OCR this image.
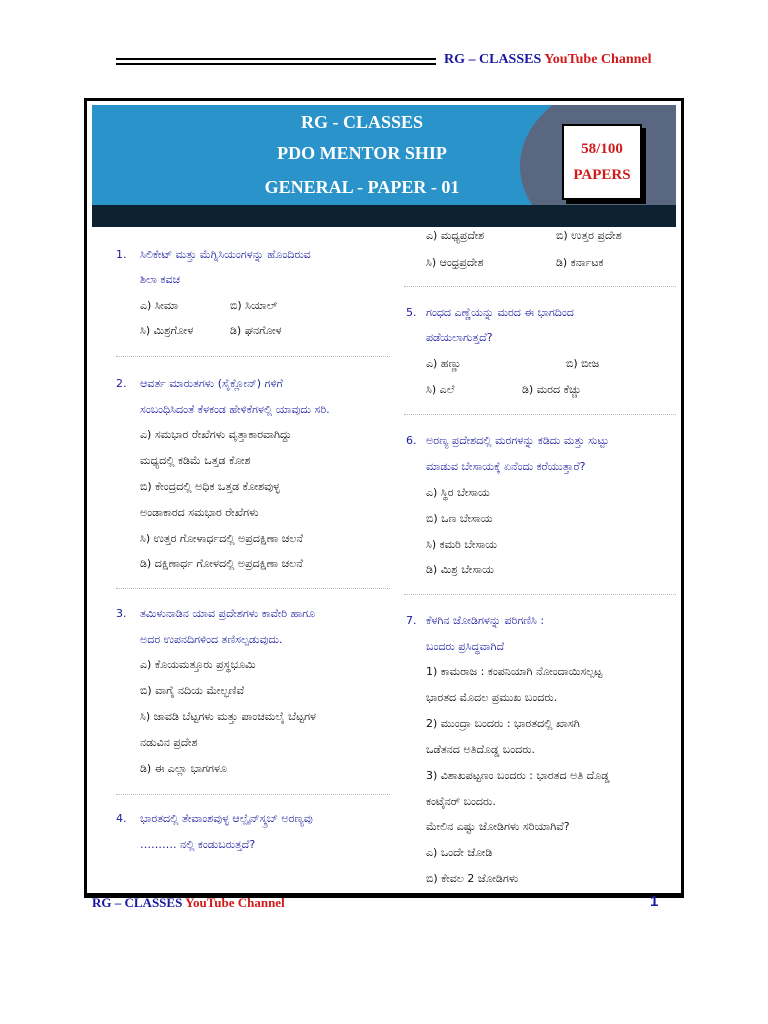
RG – CLASSES YouTube Channel
RG - CLASSES
PDO MENTOR SHIP
GENERAL - PAPER - 01
58/100
PAPERS
1. ಸಿಲಿಕೇಟ್ ಮತ್ತು ಮೆಗ್ನಿಸಿಯಂಗಳನ್ನು ಹೊಂದಿರುವ
ಶಿಲಾ ಕವಚ
ಎ) ಸೀಮಾ	ಬಿ) ಸಿಯಾಲ್
ಸಿ) ಮಿಶ್ರಗೋಳ	ಡಿ) ಘನಗೋಳ
2. ಆವರ್ತ ಮಾರುತಗಳು (ಸೈಕ್ಲೋನ್) ಗಳಿಗೆ
ಸಂಬಂಧಿಸಿದಂತೆ ಕೆಳಕಂಡ ಹೇಳಿಕೆಗಳಲ್ಲಿ ಯಾವುದು ಸರಿ.
ಎ) ಸಮಭಾರ ರೇಖೆಗಳು ವೃತ್ತಾಕಾರವಾಗಿದ್ದು
ಮಧ್ಯದಲ್ಲಿ ಕಡಿಮೆ ಒತ್ತಡ ಕೋಶ
ಬಿ) ಕೇಂದ್ರದಲ್ಲಿ ಅಧಿಕ ಒತ್ತಡ ಕೋಶವುಳ್ಳ
ಅಂಡಾಕಾರದ ಸಮಭಾರ ರೇಖೆಗಳು
ಸಿ) ಉತ್ತರ ಗೋಳಾರ್ಧದಲ್ಲಿ ಅಪ್ರದಕ್ಷಿಣಾ ಚಲನೆ
ಡಿ) ದಕ್ಷಿಣಾರ್ಧ ಗೋಳದಲ್ಲಿ ಅಪ್ರದಕ್ಷಿಣಾ ಚಲನೆ
3. ತಮಿಳುನಾಡಿನ ಯಾವ ಪ್ರದೇಶಗಳು ಕಾವೇರಿ ಹಾಗೂ
ಅದರ ಉಪನದಿಗಳಿಂದ ತಣಿಸಲ್ಪಡುವುದು.
ಎ) ಕೊಯಮತ್ತೂರು ಪ್ರಸ್ಥಭೂಮಿ
ಬಿ) ವಾಗೈ ನದಿಯ ಮೇಲ್ಭಣಿವೆ
ಸಿ) ಜಾವಡಿ ಬೆಟ್ಟಗಳು ಮತ್ತು ಪಾಂಚಮಲೈ ಬೆಟ್ಟಗಳ
ನಡುವಿನ ಪ್ರದೇಶ
ಡಿ) ಈ ಎಲ್ಲಾ ಭಾಗಗಳೂ
4. ಭಾರತದಲ್ಲಿ ತೇವಾಂಶವುಳ್ಳ ಆಲ್ಪೈನ್‌ಸ್ಕ್ರಬ್ ಅರಣ್ಯವು
………. ನಲ್ಲಿ ಕಂಡುಬರುತ್ತದೆ?
ಎ) ಮಧ್ಯಪ್ರದೇಶ	ಬಿ) ಉತ್ತರ ಪ್ರದೇಶ
ಸಿ) ಆಂಧ್ರಪ್ರದೇಶ	ಡಿ) ಕರ್ನಾಟಕ
5. ಗಂಧದ ಎಣ್ಣೆಯನ್ನು ಮರದ ಈ ಭಾಗದಿಂದ
ಪಡೆಯಲಾಗುತ್ತದೆ?
ಎ) ಹಣ್ಣು	ಬಿ) ಬೀಜ
ಸಿ) ಎಲೆ	ಡಿ) ಮರದ ಕೆಚ್ಚು
6. ಅರಣ್ಯ ಪ್ರದೇಶದಲ್ಲಿ ಮರಗಳನ್ನು ಕಡಿದು ಮತ್ತು ಸುಟ್ಟು
ಮಾಡುವ ಬೇಸಾಯಕ್ಕೆ ಏನೆಂದು ಕರೆಯುತ್ತಾರೆ?
ಎ) ಸ್ಥಿರ ಬೇಸಾಯ
ಬಿ) ಒಣ ಬೇಸಾಯ
ಸಿ) ಕಮರಿ ಬೇಸಾಯ
ಡಿ) ಮಿಶ್ರ ಬೇಸಾಯ
7. ಕೆಳಗಿನ ಜೋಡಿಗಳನ್ನು ಪರಿಗಣಿಸಿ :
ಬಂದರು ಪ್ರಸಿದ್ಧವಾಗಿದೆ
1) ಕಾಮರಾಜ : ಕಂಪನಿಯಾಗಿ ನೋಂದಾಯಿಸಲ್ಪಟ್ಟ
ಭಾರತದ ಮೊದಲ ಪ್ರಮುಖ ಬಂದರು.
2) ಮುಂದ್ರಾ ಬಂದರು : ಭಾರತದಲ್ಲಿ ಖಾಸಗಿ
ಒಡೆತನದ ಅತಿದೊಡ್ಡ ಬಂದರು.
3) ವಿಶಾಖಪಟ್ಟಣಂ ಬಂದರು : ಭಾರತದ ಅತಿ ದೊಡ್ಡ
ಕಂಟೈನರ್ ಬಂದರು.
ಮೇಲಿನ ಎಷ್ಟು ಜೋಡಿಗಳು ಸರಿಯಾಗಿವೆ?
ಎ) ಒಂದೇ ಜೋಡಿ
ಬಿ) ಕೇವಲ 2 ಜೋಡಿಗಳು
RG – CLASSES YouTube Channel	1
